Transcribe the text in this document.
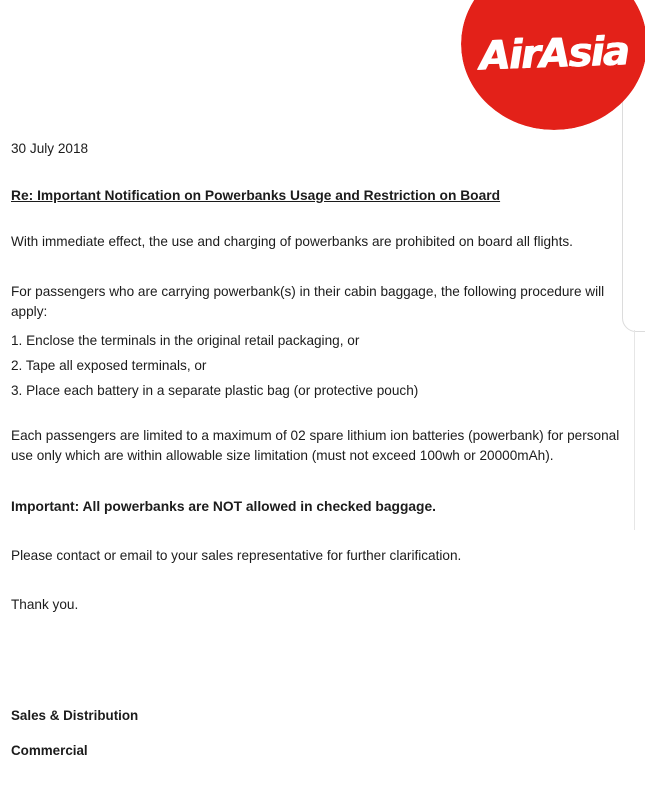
AirAsia
30 July 2018
Re: Important Notification on Powerbanks Usage and Restriction on Board
With immediate effect, the use and charging of powerbanks are prohibited on board all flights.
For passengers who are carrying powerbank(s) in their cabin baggage, the following procedure will apply:
1. Enclose the terminals in the original retail packaging, or
2. Tape all exposed terminals, or
3. Place each battery in a separate plastic bag (or protective pouch)
Each passengers are limited to a maximum of 02 spare lithium ion batteries (powerbank) for personal use only which are within allowable size limitation (must not exceed 100wh or 20000mAh).
Important: All powerbanks are NOT allowed in checked baggage.
Please contact or email to your sales representative for further clarification.
Thank you.
Sales & Distribution
Commercial
